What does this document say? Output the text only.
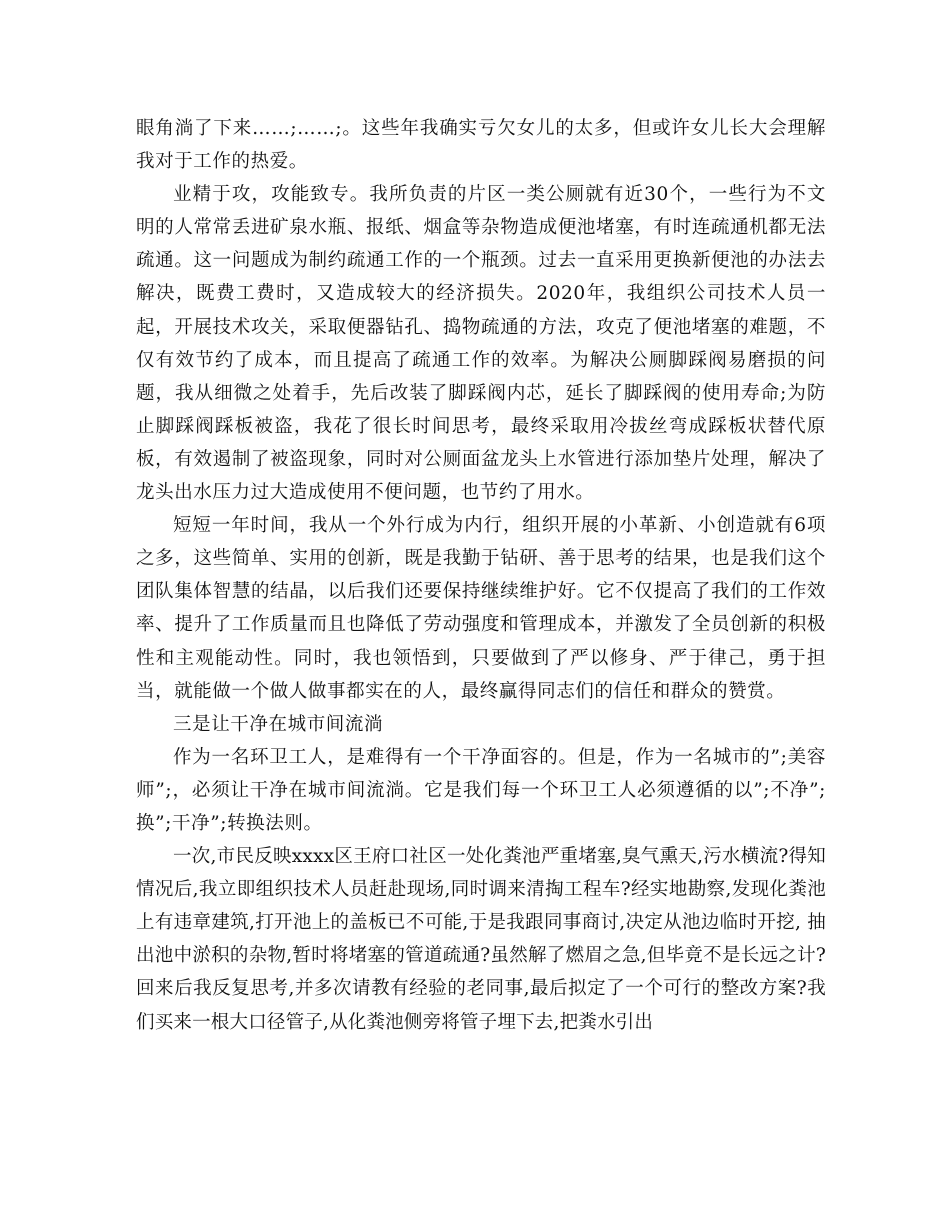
眼角淌了下来……;……;。这些年我确实亏欠女儿的太多，但或许女儿长大会理解我对于工作的热爱。

业精于攻，攻能致专。我所负责的片区一类公厕就有近30个，一些行为不文明的人常常丢进矿泉水瓶、报纸、烟盒等杂物造成便池堵塞，有时连疏通机都无法疏通。这一问题成为制约疏通工作的一个瓶颈。过去一直采用更换新便池的办法去解决，既费工费时，又造成较大的经济损失。2020年，我组织公司技术人员一起，开展技术攻关，采取便器钻孔、捣物疏通的方法，攻克了便池堵塞的难题，不仅有效节约了成本，而且提高了疏通工作的效率。为解决公厕脚踩阀易磨损的问题，我从细微之处着手，先后改装了脚踩阀内芯，延长了脚踩阀的使用寿命;为防止脚踩阀踩板被盗，我花了很长时间思考，最终采取用冷拔丝弯成踩板状替代原板，有效遏制了被盗现象，同时对公厕面盆龙头上水管进行添加垫片处理，解决了龙头出水压力过大造成使用不便问题，也节约了用水。

短短一年时间，我从一个外行成为内行，组织开展的小革新、小创造就有6项之多，这些简单、实用的创新，既是我勤于钻研、善于思考的结果，也是我们这个团队集体智慧的结晶，以后我们还要保持继续维护好。它不仅提高了我们的工作效率、提升了工作质量而且也降低了劳动强度和管理成本，并激发了全员创新的积极性和主观能动性。同时，我也领悟到，只要做到了严以修身、严于律己，勇于担当，就能做一个做人做事都实在的人，最终赢得同志们的信任和群众的赞赏。

三是让干净在城市间流淌

作为一名环卫工人，是难得有一个干净面容的。但是，作为一名城市的”;美容师”;，必须让干净在城市间流淌。它是我们每一个环卫工人必须遵循的以”;不净”;换”;干净”;转换法则。

一次,市民反映xxxx区王府口社区一处化粪池严重堵塞,臭气熏天,污水横流?得知情况后,我立即组织技术人员赶赴现场,同时调来清掏工程车?经实地勘察,发现化粪池上有违章建筑,打开池上的盖板已不可能,于是我跟同事商讨,决定从池边临时开挖, 抽出池中淤积的杂物,暂时将堵塞的管道疏通?虽然解了燃眉之急,但毕竟不是长远之计?回来后我反复思考,并多次请教有经验的老同事,最后拟定了一个可行的整改方案?我们买来一根大口径管子,从化粪池侧旁将管子埋下去,把粪水引出
